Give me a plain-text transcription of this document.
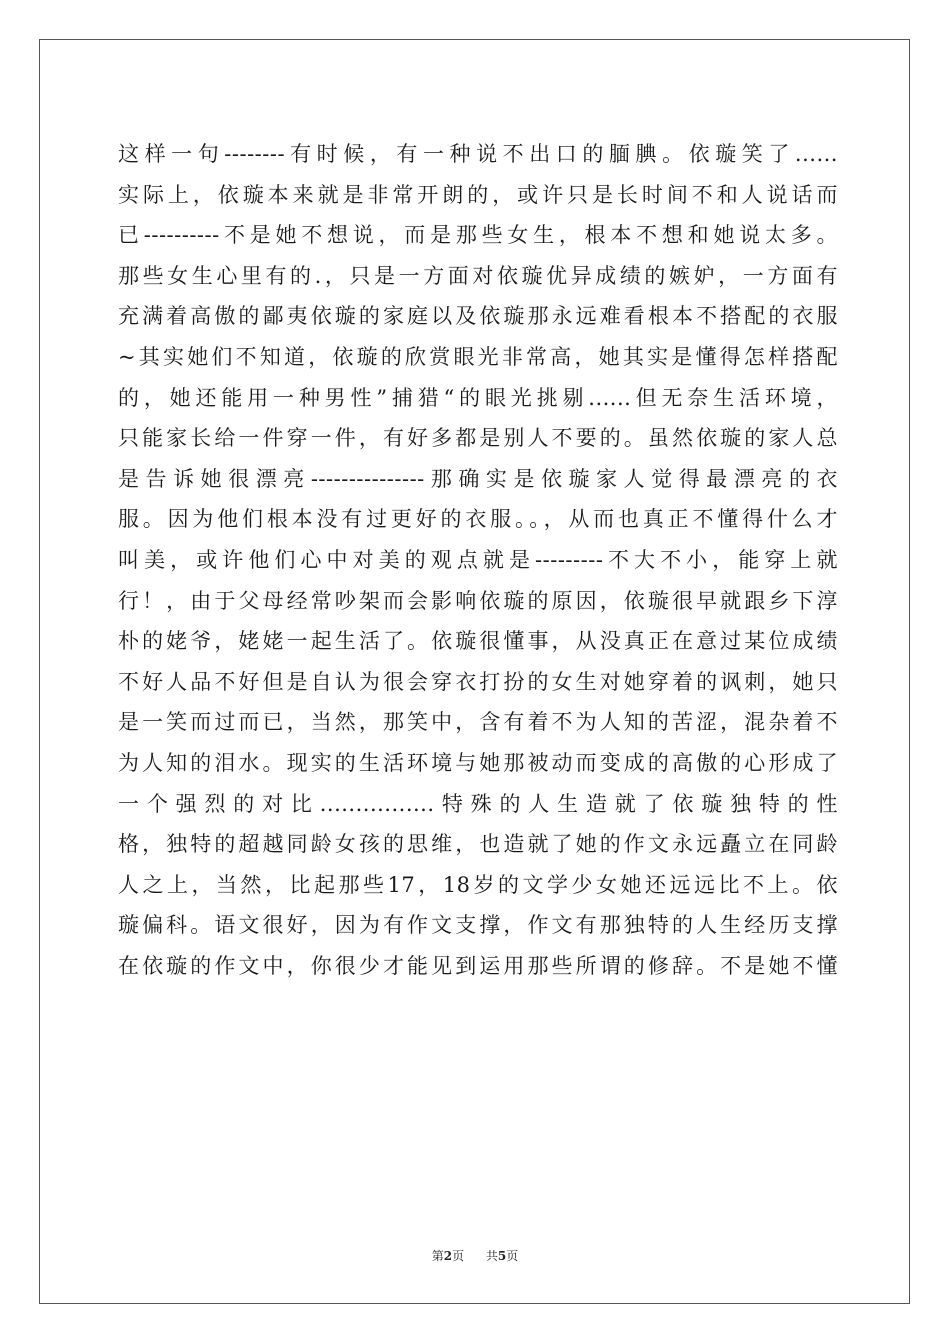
这样一句--------有时候，有一种说不出口的腼腆。依璇笑了......
实际上，依璇本来就是非常开朗的，或许只是长时间不和人说话而
已----------不是她不想说，而是那些女生，根本不想和她说太多。
那些女生心里有的.，只是一方面对依璇优异成绩的嫉妒，一方面有
充满着高傲的鄙夷依璇的家庭以及依璇那永远难看根本不搭配的衣服
~其实她们不知道，依璇的欣赏眼光非常高，她其实是懂得怎样搭配
的，她还能用一种男性”捕猎“的眼光挑剔......但无奈生活环境，
只能家长给一件穿一件，有好多都是别人不要的。虽然依璇的家人总
是告诉她很漂亮---------------那确实是依璇家人觉得最漂亮的衣
服。因为他们根本没有过更好的衣服。。，从而也真正不懂得什么才
叫美，或许他们心中对美的观点就是---------不大不小，能穿上就
行！，由于父母经常吵架而会影响依璇的原因，依璇很早就跟乡下淳
朴的姥爷，姥姥一起生活了。依璇很懂事，从没真正在意过某位成绩
不好人品不好但是自认为很会穿衣打扮的女生对她穿着的讽刺，她只
是一笑而过而已，当然，那笑中，含有着不为人知的苦涩，混杂着不
为人知的泪水。现实的生活环境与她那被动而变成的高傲的心形成了
一个强烈的对比................特殊的人生造就了依璇独特的性
格，独特的超越同龄女孩的思维，也造就了她的作文永远矗立在同龄
人之上，当然，比起那些17，18岁的文学少女她还远远比不上。依
璇偏科。语文很好，因为有作文支撑，作文有那独特的人生经历支撑
在依璇的作文中，你很少才能见到运用那些所谓的修辞。不是她不懂
第2页 共5页
